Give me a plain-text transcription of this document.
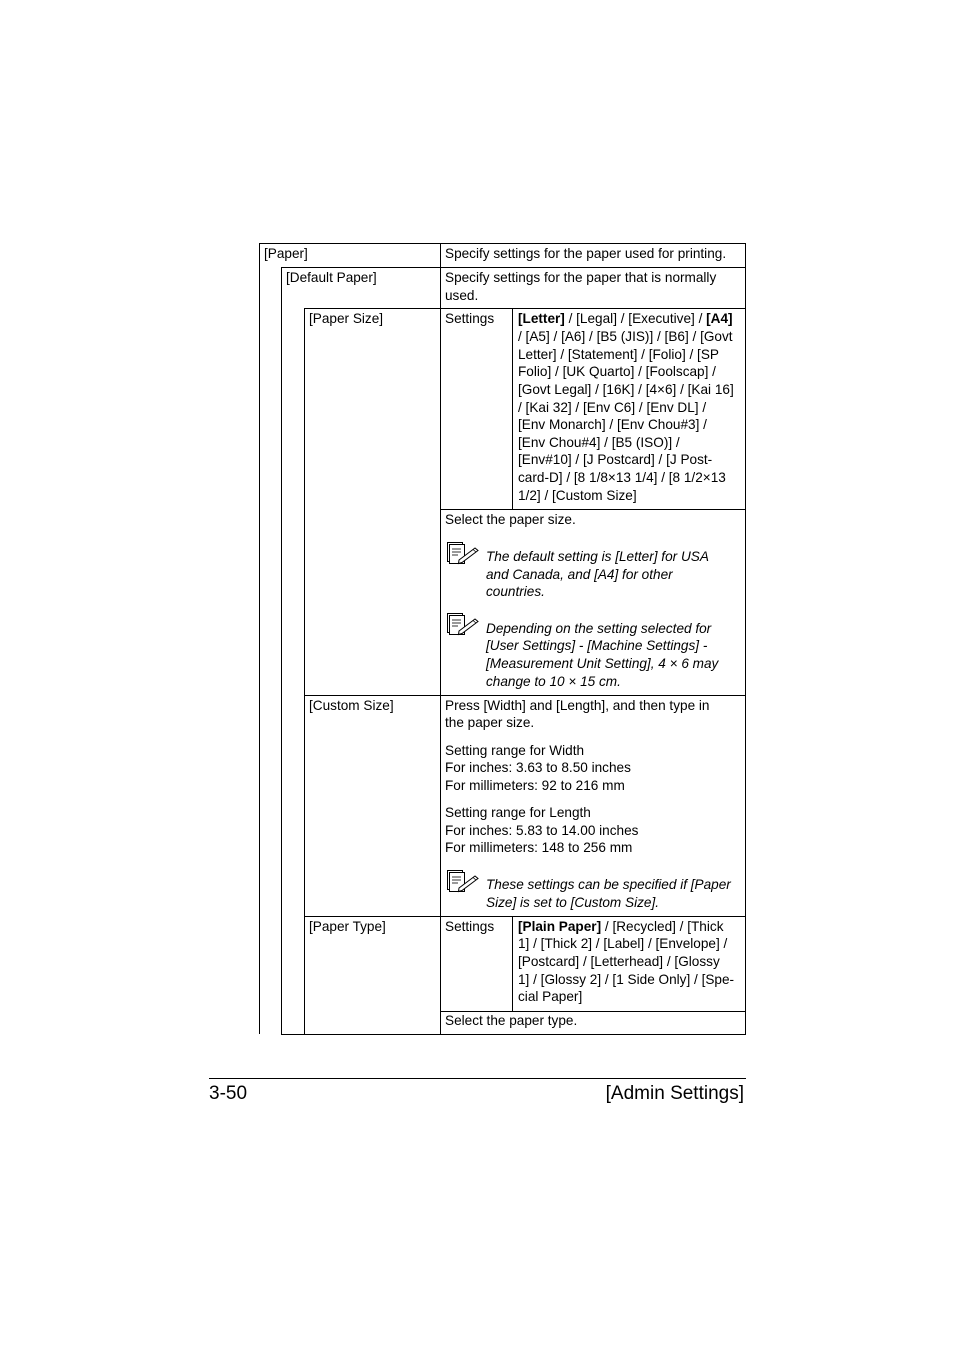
[Paper]	Specify settings for the paper used for printing.
[Default Paper]	Specify settings for the paper that is normally
used.
[Paper Size]	Settings [Letter] / [Legal] / [Executive] / [A4]
/ [A5] / [A6] / [B5 (JIS)] / [B6] / [Govt
Letter] / [Statement] / [Folio] / [SP
Folio] / [UK Quarto] / [Foolscap] /
[Govt Legal] / [16K] / [4×6] / [Kai 16]
/ [Kai 32] / [Env C6] / [Env DL] /
[Env Monarch] / [Env Chou#3] /
[Env Chou#4] / [B5 (ISO)] /
[Env#10] / [J Postcard] / [J Post-
card-D] / [8 1/8×13 1/4] / [8 1/2×13
1/2] / [Custom Size]
Select the paper size.
The default setting is [Letter] for USA
and Canada, and [A4] for other
countries.
Depending on the setting selected for
[User Settings] - [Machine Settings] -
[Measurement Unit Setting], 4 × 6 may
change to 10 × 15 cm.
[Custom Size]	Press [Width] and [Length], and then type in
the paper size.
Setting range for Width
For inches: 3.63 to 8.50 inches
For millimeters: 92 to 216 mm
Setting range for Length
For inches: 5.83 to 14.00 inches
For millimeters: 148 to 256 mm
These settings can be specified if [Paper
Size] is set to [Custom Size].
[Paper Type]	Settings [Plain Paper] / [Recycled] / [Thick
1] / [Thick 2] / [Label] / [Envelope] /
[Postcard] / [Letterhead] / [Glossy
1] / [Glossy 2] / [1 Side Only] / [Spe-
cial Paper]
Select the paper type.
3-50	[Admin Settings]
